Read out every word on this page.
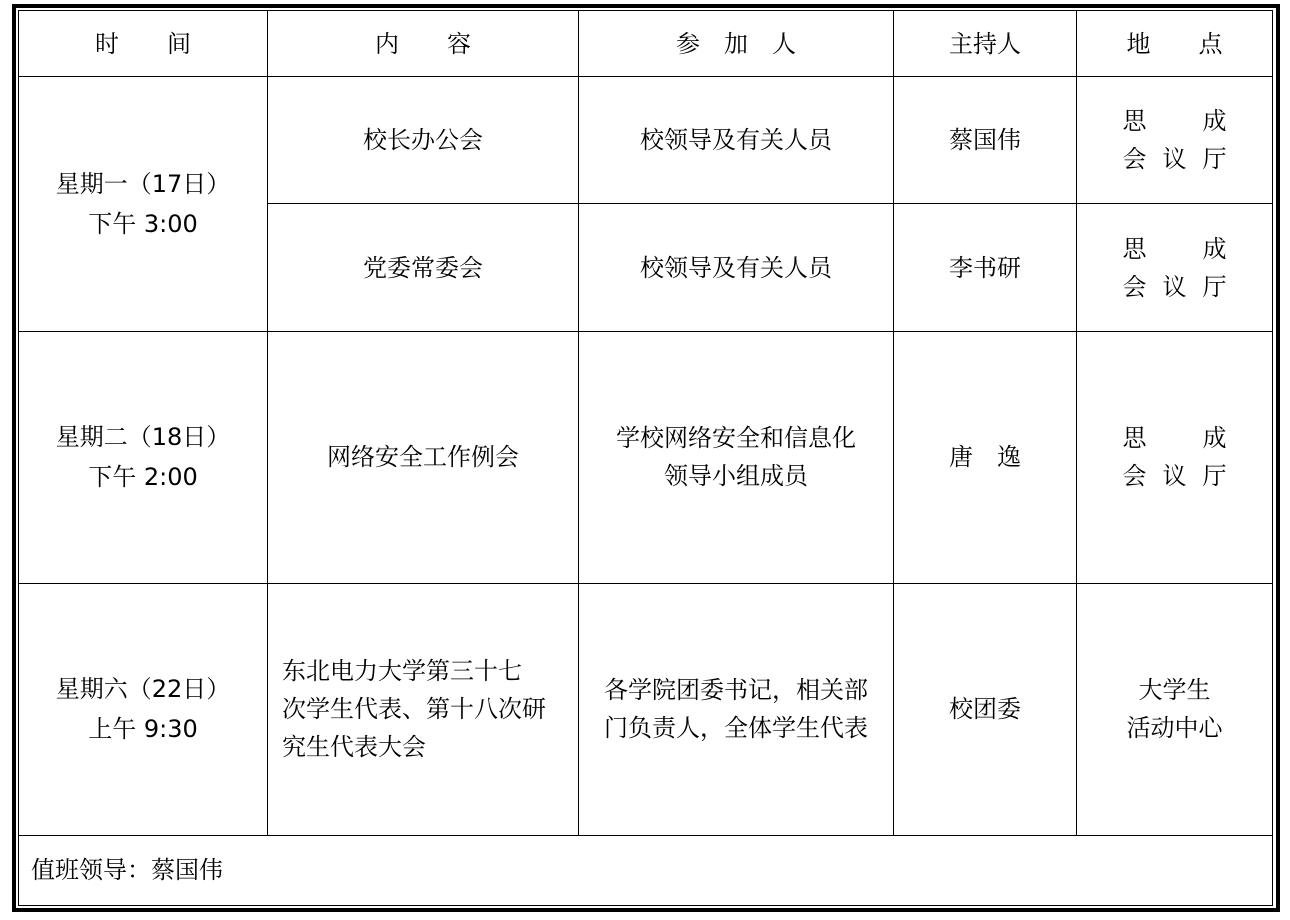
时　　间	内　　容	参　加　人	主持人	地　　点

星期一（17日）
下午 3:00	校长办公会	校领导及有关人员	蔡国伟	思 成
会 议 厅

	党委常委会	校领导及有关人员	李书研	思 成
会 议 厅

星期二（18日）
下午 2:00	网络安全工作例会	学校网络安全和信息化
领导小组成员	唐　逸	思 成
会 议 厅

星期六（22日）
上午 9:30	东北电力大学第三十七
次学生代表、第十八次研
究生代表大会	各学院团委书记，相关部
门负责人，全体学生代表	校团委	大学生
活动中心

值班领导：蔡国伟				
